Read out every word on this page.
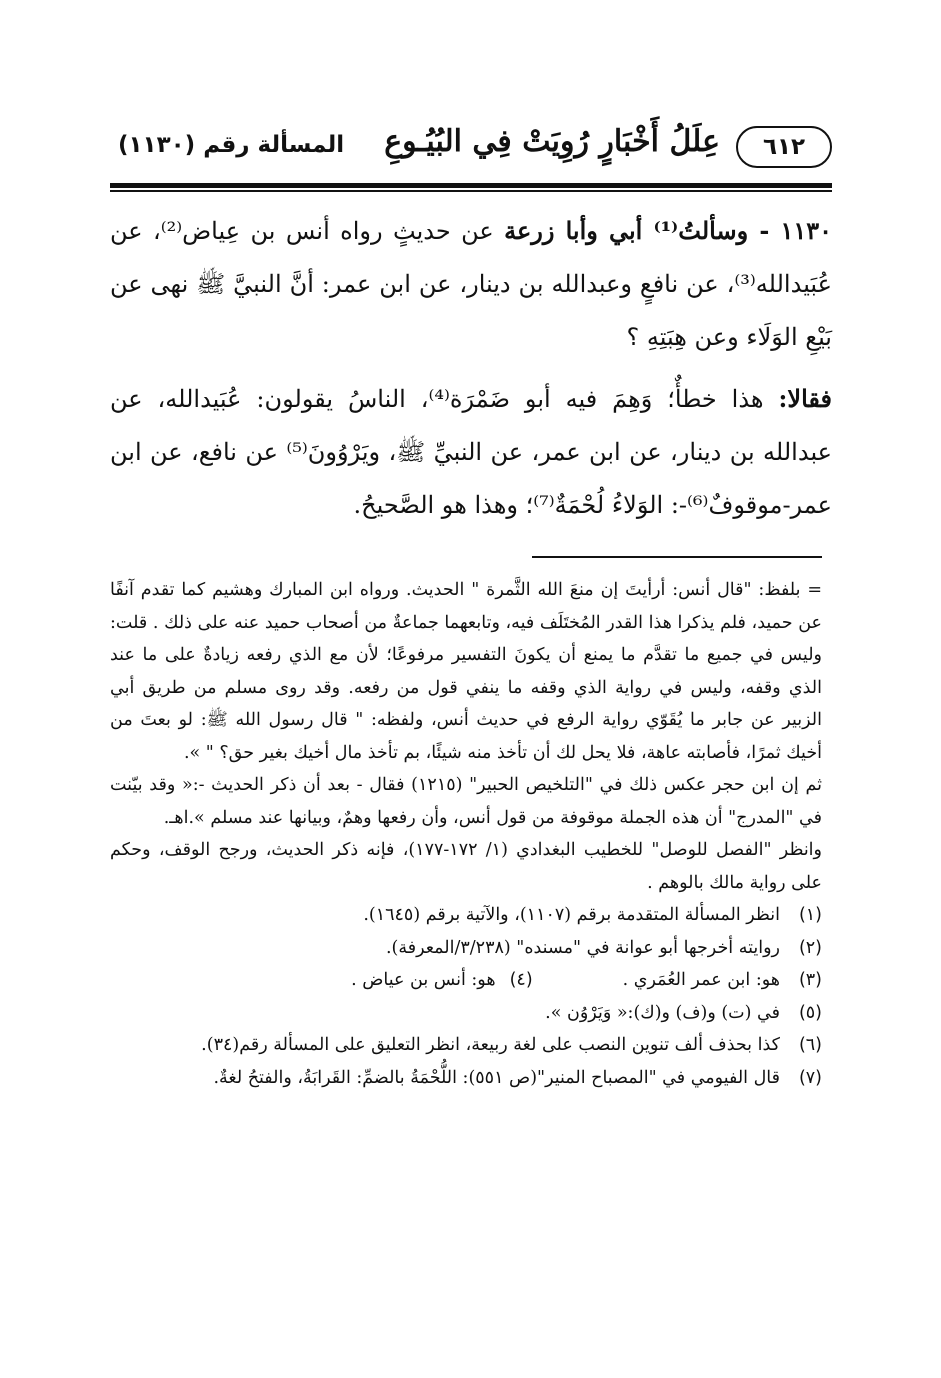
٦١٢
عِلَلُ أَخْبَارٍ رُوِيَتْ فِي البُيُـوعِ
المسألة رقم (١١٣٠)

١١٣٠ - وسألتُ⁽¹⁾ أبي وأبا زرعة عن حديثٍ رواه أنس بن عِياض⁽²⁾، عن عُبَيدالله⁽³⁾، عن نافعٍ وعبدالله بن دينار، عن ابن عمر: أنَّ النبيَّ ﷺ نهى عن بَيْعِ الوَلَاء وعن هِبَتِهِ ؟

فقالا: هذا خطأٌ؛ وَهِمَ فيه أبو ضَمْرَة⁽⁴⁾، الناسُ يقولون: عُبَيدالله، عن عبدالله بن دينار، عن ابن عمر، عن النبيِّ ﷺ، ويَرْوُونَ⁽⁵⁾ عن نافع، عن ابن عمر-موقوفٌ⁽⁶⁾-: الوَلاءُ لُحْمَةٌ⁽⁷⁾؛ وهذا هو الصَّحيحُ.

= بلفظ: "قال أنس: أرأيتَ إن منعَ الله الثَّمرة " الحديث. ورواه ابن المبارك وهشيم كما تقدم آنفًا عن حميد، فلم يذكرا هذا القدر المُختَلَف فيه، وتابعهما جماعةٌ من أصحاب حميد عنه على ذلك . قلت: وليس في جميع ما تقدَّم ما يمنع أن يكونَ التفسير مرفوعًا؛ لأن مع الذي رفعه زيادةٌ على ما عند الذي وقفه، وليس في رواية الذي وقفه ما ينفي قول من رفعه. وقد روى مسلم من طريق أبي الزبير عن جابر ما يُقَوّي رواية الرفع في حديث أنس، ولفظه: " قال رسول الله ﷺ: لو بعتَ من أخيك ثمرًا، فأصابته عاهة، فلا يحل لك أن تأخذ منه شيئًا، بم تأخذ مال أخيك بغير حق؟ " ».

ثم إن ابن حجر عكس ذلك في "التلخيص الحبير" (١٢١٥) فقال - بعد أن ذكر الحديث -:« وقد بيّنت في "المدرج" أن هذه الجملة موقوفة من قول أنس، وأن رفعها وهمٌ، وبيانها عند مسلم ».اهـ.

وانظر "الفصل للوصل" للخطيب البغدادي (١/ ١٧٢-١٧٧)، فإنه ذكر الحديث، ورجح الوقف، وحكم على رواية مالك بالوهم .

(١)
انظر المسألة المتقدمة برقم (١١٠٧)، والآتية برقم (١٦٤٥).
(٢)
روايته أخرجها أبو عوانة في "مسنده" (٣/٢٣٨/المعرفة).
(٣)
هو: ابن عمر العُمَري .
(٤)
هو: أنس بن عياض .
(٥)
في (ت) و(ف) و(ك):« وَيَرْوُن ».
(٦)
كذا بحذف ألف تنوين النصب على لغة ربيعة، انظر التعليق على المسألة رقم(٣٤).
(٧)
قال الفيومي في "المصباح المنير"(ص ٥٥١): اللُّحْمَةُ بالضمِّ: القَرابَةُ، والفتحُ لغةٌ.
